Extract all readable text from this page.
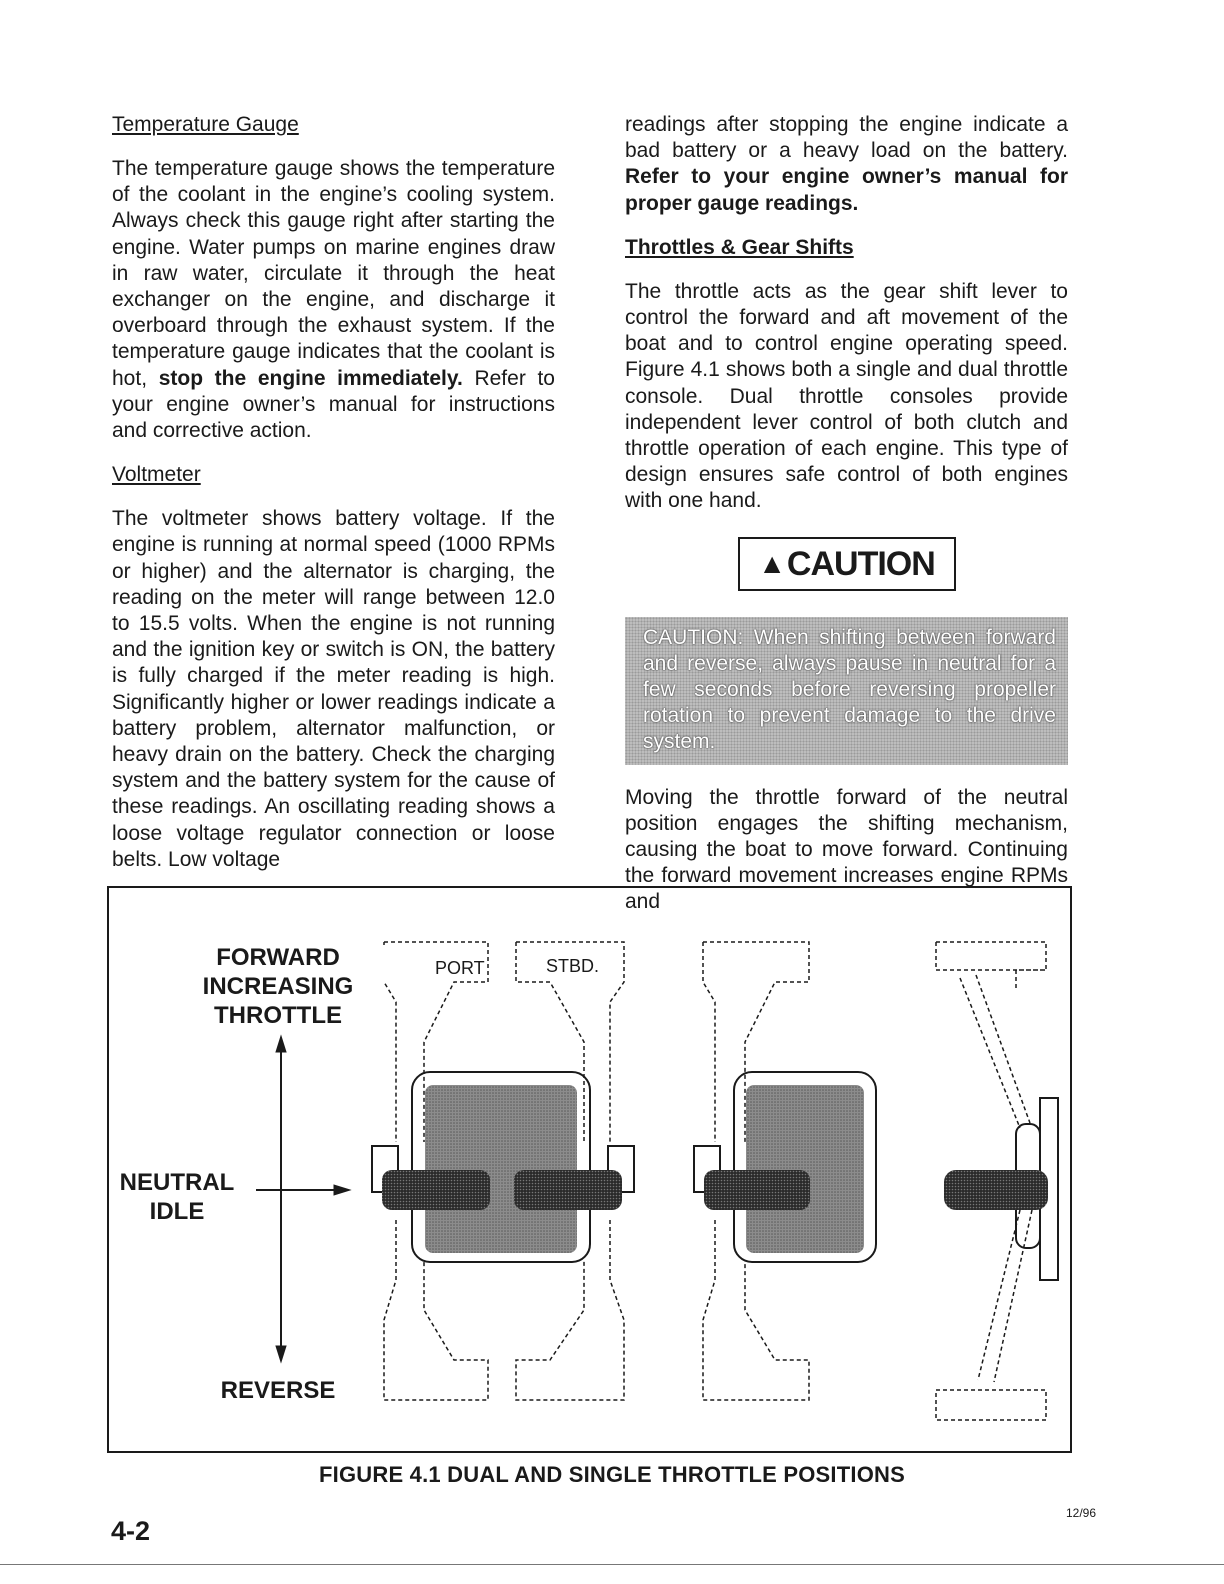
Temperature Gauge

The temperature gauge shows the temperature of the coolant in the engine’s cooling system. Always check this gauge right after starting the engine. Water pumps on marine engines draw in raw water, circulate it through the heat exchanger on the engine, and discharge it overboard through the exhaust system. If the temperature gauge indicates that the coolant is hot, stop the engine immediately. Refer to your engine owner’s manual for instructions and corrective action.

Voltmeter

The voltmeter shows battery voltage. If the engine is running at normal speed (1000 RPMs or higher) and the alternator is charging, the reading on the meter will range between 12.0 to 15.5 volts. When the engine is not running and the ignition key or switch is ON, the battery is fully charged if the meter reading is high. Significantly higher or lower readings indicate a battery problem, alternator malfunction, or heavy drain on the battery. Check the charging system and the battery system for the cause of these readings. An oscillating reading shows a loose voltage regulator connection or loose belts. Low voltage

readings after stopping the engine indicate a bad battery or a heavy load on the battery. Refer to your engine owner’s manual for proper gauge readings.

Throttles & Gear Shifts

The throttle acts as the gear shift lever to control the forward and aft movement of the boat and to control engine operating speed. Figure 4.1 shows both a single and dual throttle console. Dual throttle consoles provide independent lever control of both clutch and throttle operation of each engine. This type of design ensures safe control of both engines with one hand.

▲ CAUTION
CAUTION: When shifting between forward and reverse, always pause in neutral for a few seconds before reversing propeller rotation to prevent damage to the drive system.

Moving the throttle forward of the neutral position engages the shifting mechanism, causing the boat to move forward. Continuing the forward movement increases engine RPMs and

PORT	STBD.
FORWARD
INCREASING
THROTTLE
NEUTRAL
IDLE
REVERSE
FIGURE 4.1 DUAL AND SINGLE THROTTLE POSITIONS
4-2
12/96
